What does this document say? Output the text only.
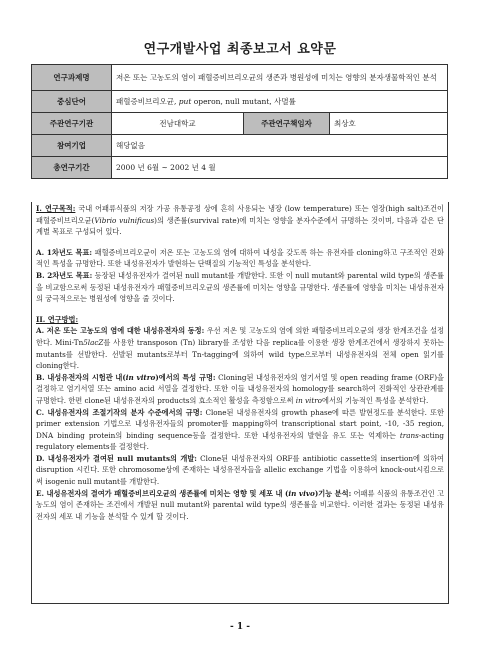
연구개발사업 최종보고서 요약문
연구과제명	저온 또는 고농도의 염이 패혈증비브리오균의 생존과 병원성에 미치는 영향의 분자생물학적인 분석		
중심단어	패혈증비브리오균, put operon, null mutant, 사멸률		
주관연구기관	전남대학교	주관연구책임자	최상호
참여기업	해당없음		
총연구기간	2000 년 6월 ~ 2002 년 4 월		

I. 연구목적: 국내 어패류식품의 저장 가공 유통공정 상에 흔히 사용되는 냉장 (low temperature) 또는 염장(high salt)조건이 패혈증비브리오균(Vibrio vulnificus)의 생존률(survival rate)에 미치는 영향을 분자수준에서 규명하는 것이며, 다음과 같은 단계별 목표로 구성되어 있다.

A. 1차년도 목표: 패혈증비브리오균이 저온 또는 고농도의 염에 대하여 내성을 갖도록 하는 유전자를 cloning하고 구조적인 진화적인 특성을 규명한다. 또한 내성유전자가 발현하는 단백질의 기능적인 특성을 분석한다.

B. 2차년도 목표: 등장된 내성유전자가 결여된 null mutant를 개발한다. 또한 이 null mutant와 parental wild type의 생존률을 비교함으로써 동정된 내성유전자가 패혈증비브리오균의 생존률에 미치는 영향을 규명한다. 생존률에 영향을 미치는 내성유전자의 궁극적으로는 병원성에 영향을 줄 것이다.

II. 연구방법:

A. 저온 또는 고농도의 염에 대한 내성유전자의 동정: 우선 저온 및 고농도의 염에 의한 패혈증비브리오균의 생장 한계조건을 설정한다. Mini-Tn5lacZ를 사용한 transposon (Tn) library를 조성한 다음 replica를 이용한 생장 한계조건에서 생장하지 못하는 mutants를 선발한다. 선발된 mutants로부터 Tn-tagging에 의하여 wild type으로부터 내성유전자의 전체 open 읽기를 cloning한다.

B. 내성유전자의 시험관 내(in vitro)에서의 특성 규명: Cloning된 내성유전자의 염기서열 및 open reading frame (ORF)을 결정하고 염기서열 또는 amino acid 서열을 결정한다. 또한 이들 내성유전자의 homology를 search하여 진화적인 상관관계를 규명한다. 한편 clone된 내성유전자의 products의 효소적인 활성을 측정함으로써 in vitro에서의 기능적인 특성을 분석한다.

C. 내성유전자의 조절기작의 분자 수준에서의 규명: Clone된 내성유전자의 growth phase에 따른 발현정도를 분석한다. 또한 primer extension 기법으로 내성유전자들의 promoter를 mapping하여 transcriptional start point, -10, -35 region, DNA binding protein의 binding sequence등을 결정한다. 또한 내성유전자의 발현을 유도 또는 억제하는 trans-acting regulatory elements를 결정한다.

D. 내성유전자가 결여된 null mutants의 개발: Clone된 내성유전자의 ORF를 antibiotic cassette의 insertion에 의하여 disruption 시킨다. 또한 chromosome상에 존재하는 내성유전자들을 allelic exchange 기법을 이용하여 knock-out시킴으로써 isogenic null mutant를 개발한다.

E. 내성유전자의 결여가 패혈증비브리오균의 생존률에 미치는 영향 및 세포 내 (in vivo)기능 분석: 어패류 식품의 유통조건인 고농도의 염이 존재하는 조건에서 개발된 null mutant와 parental wild type의 생존률을 비교한다. 이러한 결과는 동정된 내성유전자의 세포 내 기능을 분석할 수 있게 할 것이다.

- 1 -
